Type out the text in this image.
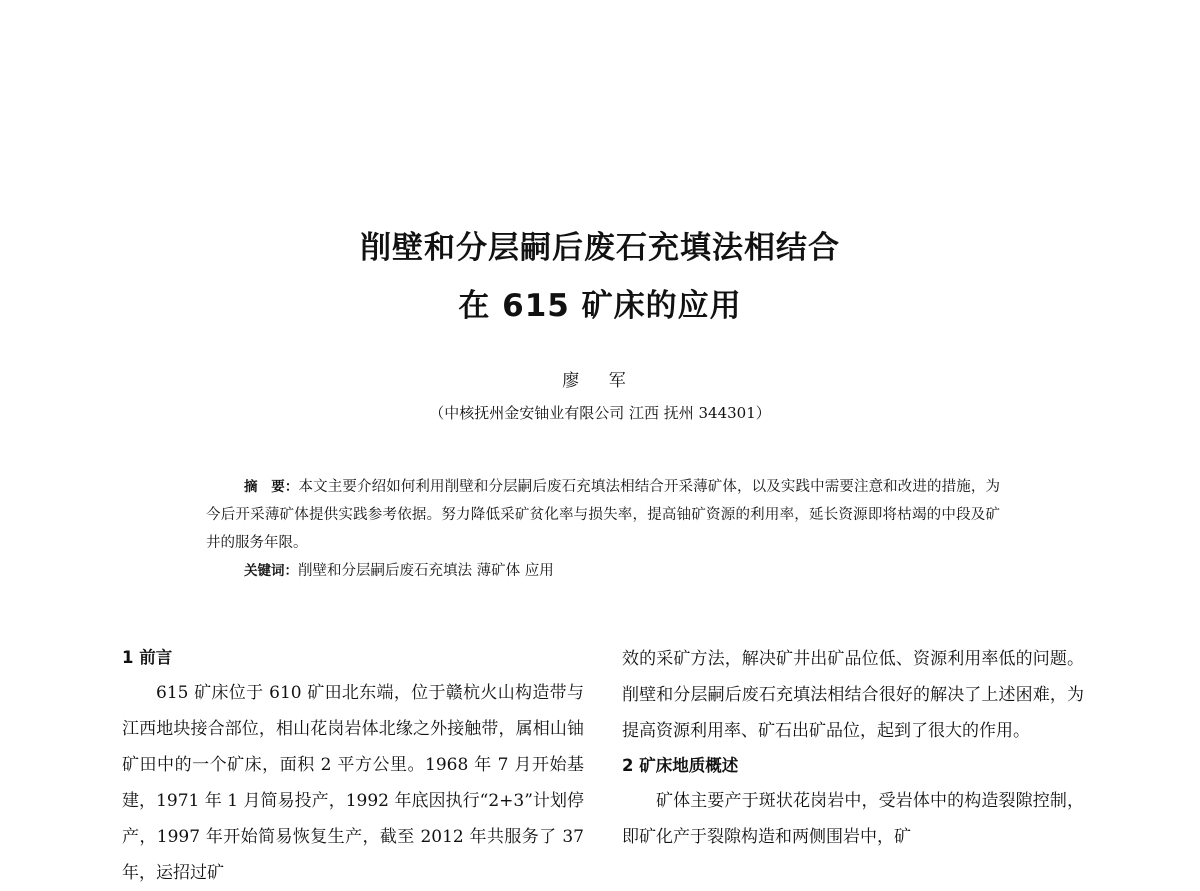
削壁和分层嗣后废石充填法相结合
在 615 矿床的应用
廖 军
（中核抚州金安铀业有限公司 江西 抚州 344301）

摘　要：本文主要介绍如何利用削壁和分层嗣后废石充填法相结合开采薄矿体，以及实践中需要注意和改进的措施，为今后开采薄矿体提供实践参考依据。努力降低采矿贫化率与损失率，提高铀矿资源的利用率，延长资源即将枯竭的中段及矿井的服务年限。

关键词：削壁和分层嗣后废石充填法 薄矿体 应用
1 前言

615 矿床位于 610 矿田北东端，位于赣杭火山构造带与江西地块接合部位，相山花岗岩体北缘之外接触带，属相山铀矿田中的一个矿床，面积 2 平方公里。1968 年 7 月开始基建，1971 年 1 月简易投产，1992 年底因执行“2+3”计划停产，1997 年开始简易恢复生产，截至 2012 年共服务了 37 年，运招过矿

效的采矿方法，解决矿井出矿品位低、资源利用率低的问题。削壁和分层嗣后废石充填法相结合很好的解决了上述困难，为提高资源利用率、矿石出矿品位，起到了很大的作用。

2 矿床地质概述

矿体主要产于斑状花岗岩中，受岩体中的构造裂隙控制，即矿化产于裂隙构造和两侧围岩中，矿
